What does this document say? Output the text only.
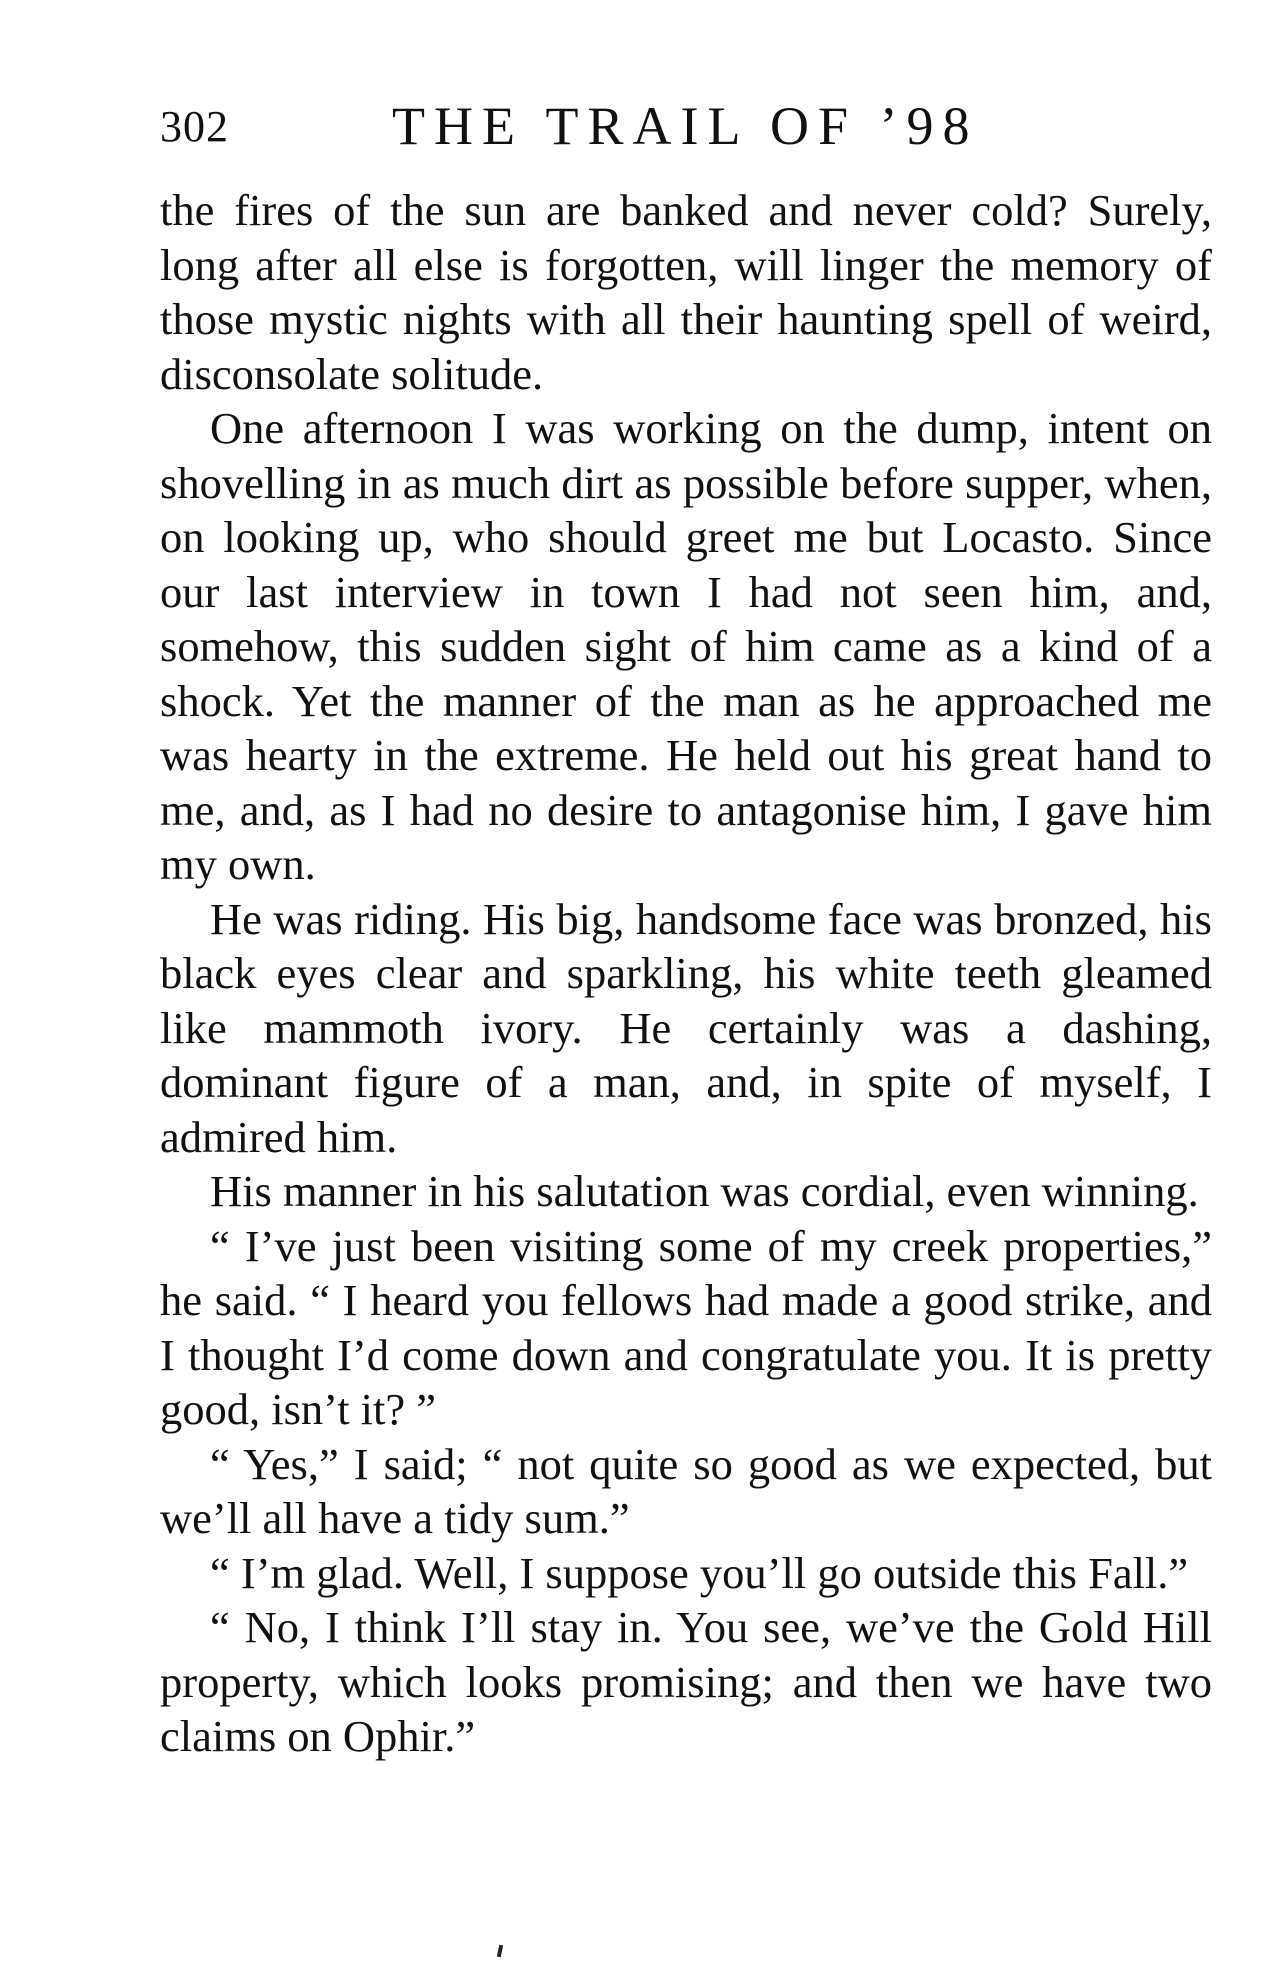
302	THE TRAIL OF ’98

the fires of the sun are banked and never cold? Surely, long after all else is forgotten, will linger the memory of those mystic nights with all their haunting spell of weird, disconsolate solitude.

One afternoon I was working on the dump, intent on shovelling in as much dirt as possible before supper, when, on looking up, who should greet me but Locasto. Since our last interview in town I had not seen him, and, somehow, this sudden sight of him came as a kind of a shock. Yet the manner of the man as he approached me was hearty in the extreme. He held out his great hand to me, and, as I had no desire to antagonise him, I gave him my own.

He was riding. His big, handsome face was bronzed, his black eyes clear and sparkling, his white teeth gleamed like mammoth ivory. He certainly was a dashing, dominant figure of a man, and, in spite of myself, I admired him.

His manner in his salutation was cordial, even winning.

“ I’ve just been visiting some of my creek properties,” he said. “ I heard you fellows had made a good strike, and I thought I’d come down and congratulate you. It is pretty good, isn’t it? ”

“ Yes,” I said; “ not quite so good as we expected, but we’ll all have a tidy sum.”

“ I’m glad. Well, I suppose you’ll go outside this Fall.”

“ No, I think I’ll stay in. You see, we’ve the Gold Hill property, which looks promising; and then we have two claims on Ophir.”
